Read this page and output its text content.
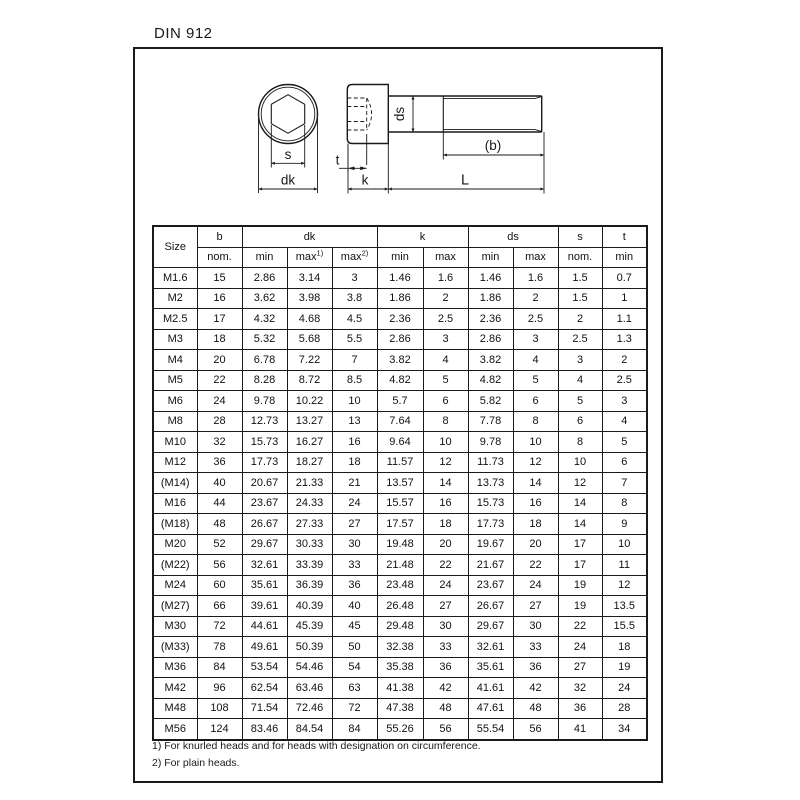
DIN 912
s
dk
ds
t
k
(b)
L
Size	b	dk			k		ds		s	t
	nom.	min	$\max^{1)}$	$\max^{2)}$	min	max	min	max	nom.	min
M1.6	15	2.86	3.14	3	1.46	1.6	1.46	1.6	1.5	0.7
M2	16	3.62	3.98	3.8	1.86	2	1.86	2	1.5	1
M2.5	17	4.32	4.68	4.5	2.36	2.5	2.36	2.5	2	1.1
M3	18	5.32	5.68	5.5	2.86	3	2.86	3	2.5	1.3
M4	20	6.78	7.22	7	3.82	4	3.82	4	3	2
M5	22	8.28	8.72	8.5	4.82	5	4.82	5	4	2.5
M6	24	9.78	10.22	10	5.7	6	5.82	6	5	3
M8	28	12.73	13.27	13	7.64	8	7.78	8	6	4
M10	32	15.73	16.27	16	9.64	10	9.78	10	8	5
M12	36	17.73	18.27	18	11.57	12	11.73	12	10	6
(M14)	40	20.67	21.33	21	13.57	14	13.73	14	12	7
M16	44	23.67	24.33	24	15.57	16	15.73	16	14	8
(M18)	48	26.67	27.33	27	17.57	18	17.73	18	14	9
M20	52	29.67	30.33	30	19.48	20	19.67	20	17	10
(M22)	56	32.61	33.39	33	21.48	22	21.67	22	17	11
M24	60	35.61	36.39	36	23.48	24	23.67	24	19	12
(M27)	66	39.61	40.39	40	26.48	27	26.67	27	19	13.5
M30	72	44.61	45.39	45	29.48	30	29.67	30	22	15.5
(M33)	78	49.61	50.39	50	32.38	33	32.61	33	24	18
M36	84	53.54	54.46	54	35.38	36	35.61	36	27	19
M42	96	62.54	63.46	63	41.38	42	41.61	42	32	24
M48	108	71.54	72.46	72	47.38	48	47.61	48	36	28
M56	124	83.46	84.54	84	55.26	56	55.54	56	41	34
1) For knurled heads and for heads with designation on circumference.
2) For plain heads.
